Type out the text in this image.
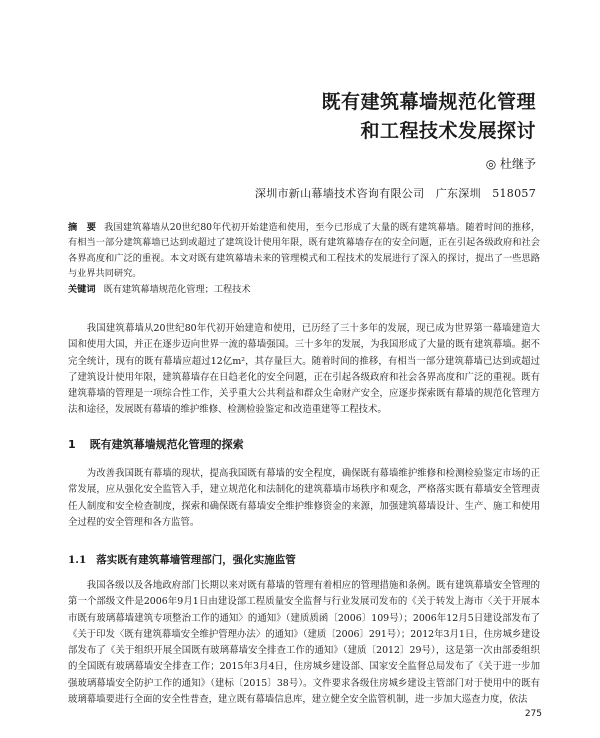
既有建筑幕墙规范化管理
和工程技术发展探讨
◎ 杜继予
深圳市新山幕墙技术咨询有限公司　广东深圳　518057
摘　要 我国建筑幕墙从20世纪80年代初开始建造和使用，至今已形成了大量的既有建筑幕墙。随着时间的推移，有相当一部分建筑幕墙已达到或超过了建筑设计使用年限，既有建筑幕墙存在的安全问题，正在引起各级政府和社会各界高度和广泛的重视。本文对既有建筑幕墙未来的管理模式和工程技术的发展进行了深入的探讨，提出了一些思路与业界共同研究。
关键词 既有建筑幕墙规范化管理；工程技术

我国建筑幕墙从20世纪80年代初开始建造和使用，已历经了三十多年的发展，现已成为世界第一幕墙建造大国和使用大国，并正在逐步迈向世界一流的幕墙强国。三十多年的发展，为我国形成了大量的既有建筑幕墙。据不完全统计，现有的既有幕墙应超过12亿m²，其存量巨大。随着时间的推移，有相当一部分建筑幕墙已达到或超过了建筑设计使用年限，建筑幕墙存在日趋老化的安全问题，正在引起各级政府和社会各界高度和广泛的重视。既有建筑幕墙的管理是一项综合性工作，关乎重大公共利益和群众生命财产安全，应逐步探索既有幕墙的规范化管理方法和途径，发展既有幕墙的维护维修、检测检验鉴定和改造重建等工程技术。

1 既有建筑幕墙规范化管理的探索

为改善我国既有幕墙的现状，提高我国既有幕墙的安全程度，确保既有幕墙维护维修和检测检验鉴定市场的正常发展，应从强化安全监管入手，建立规范化和法制化的建筑幕墙市场秩序和观念，严格落实既有幕墙安全管理责任人制度和安全检查制度，探索和确保既有幕墙安全维护维修资金的来源，加强建筑幕墙设计、生产、施工和使用全过程的安全管理和各方监管。

1.1 落实既有建筑幕墙管理部门，强化实施监管

我国各级以及各地政府部门长期以来对既有幕墙的管理有着相应的管理措施和条例。既有建筑幕墙安全管理的第一个部级文件是2006年9月1日由建设部工程质量安全监督与行业发展司发布的《关于转发上海市〈关于开展本市既有玻璃幕墙建筑专项整治工作的通知〉的通知》（建质质函〔2006〕109号）；2006年12月5日建设部发布了《关于印发〈既有建筑幕墙安全维护管理办法〉的通知》（建质〔2006〕291号）；2012年3月1日，住房城乡建设部发布了《关于组织开展全国既有玻璃幕墙安全排查工作的通知》（建质〔2012〕29号），这是第一次由部委组织的全国既有玻璃幕墙安全排查工作；2015年3月4日，住房城乡建设部、国家安全监督总局发布了《关于进一步加强玻璃幕墙安全防护工作的通知》（建标〔2015〕38号）。文件要求各级住房城乡建设主管部门对于使用中的既有玻璃幕墙要进行全面的安全性普查，建立既有幕墙信息库，建立健全安全监管机制，进一步加大巡查力度，依法

275
